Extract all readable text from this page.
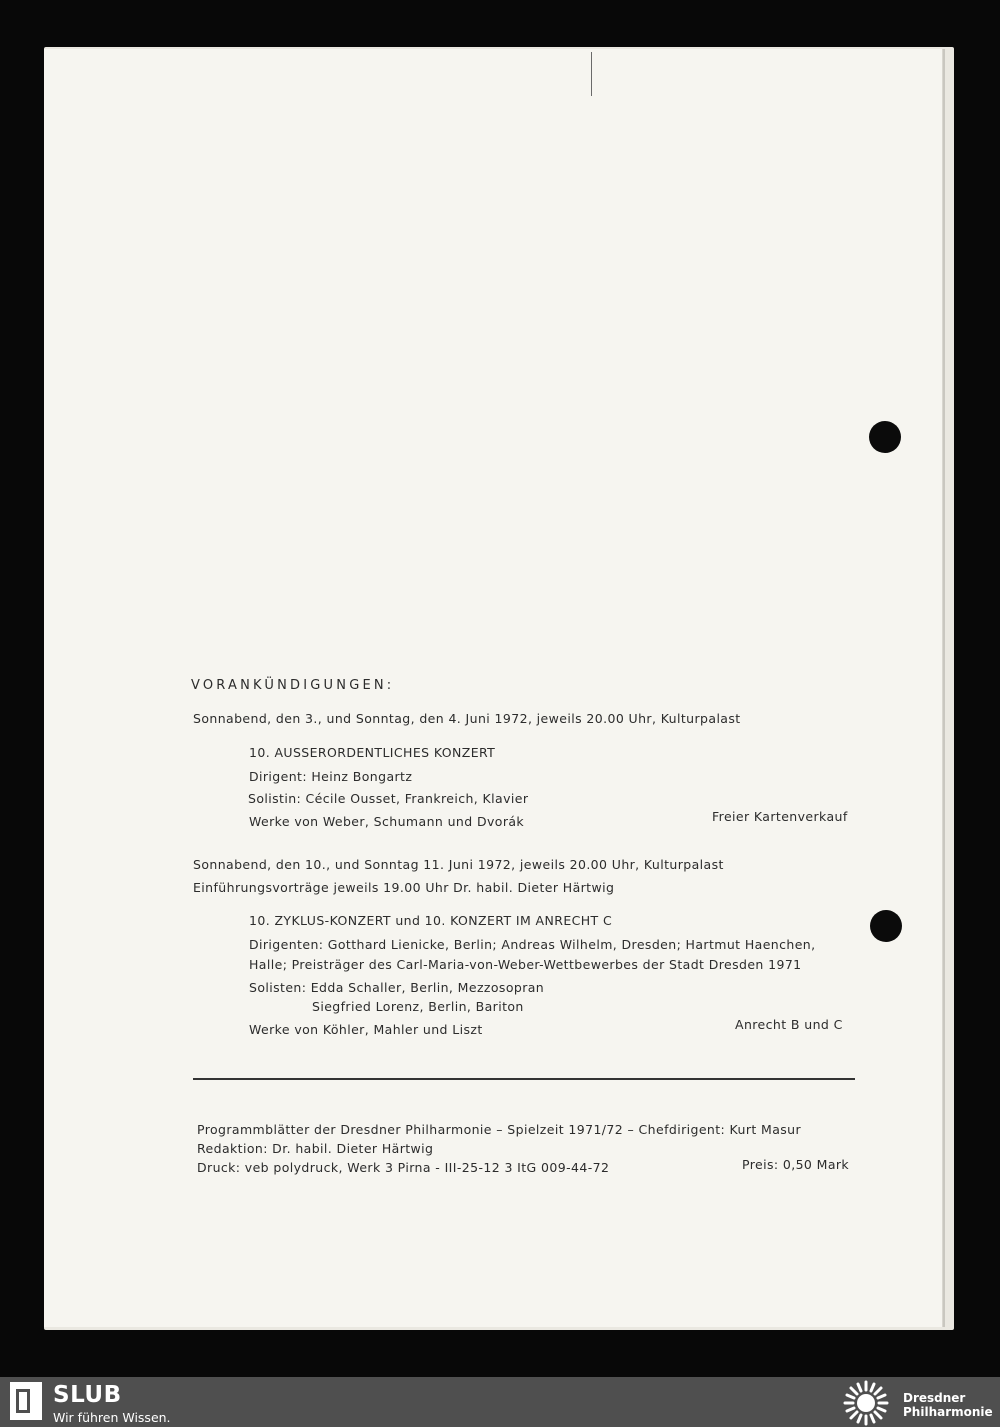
VORANKÜNDIGUNGEN:
Sonnabend, den 3., und Sonntag, den 4. Juni 1972, jeweils 20.00 Uhr, Kulturpalast
10. AUSSERORDENTLICHES KONZERT
Dirigent: Heinz Bongartz
Solistin: Cécile Ousset, Frankreich, Klavier
Werke von Weber, Schumann und Dvorák	Freier Kartenverkauf
Sonnabend, den 10., und Sonntag 11. Juni 1972, jeweils 20.00 Uhr, Kulturpalast
Einführungsvorträge jeweils 19.00 Uhr Dr. habil. Dieter Härtwig
10. ZYKLUS-KONZERT und 10. KONZERT IM ANRECHT C
Dirigenten: Gotthard Lienicke, Berlin; Andreas Wilhelm, Dresden; Hartmut Haenchen,
Halle; Preisträger des Carl-Maria-von-Weber-Wettbewerbes der Stadt Dresden 1971
Solisten: Edda Schaller, Berlin, Mezzosopran
Siegfried Lorenz, Berlin, Bariton
Werke von Köhler, Mahler und Liszt	Anrecht B und C
Programmblätter der Dresdner Philharmonie – Spielzeit 1971/72 – Chefdirigent: Kurt Masur
Redaktion: Dr. habil. Dieter Härtwig
Druck: veb polydruck, Werk 3 Pirna - III-25-12 3 ItG 009-44-72	Preis: 0,50 Mark
SLUB
Wir führen Wissen.
Dresdner
Philharmonie
